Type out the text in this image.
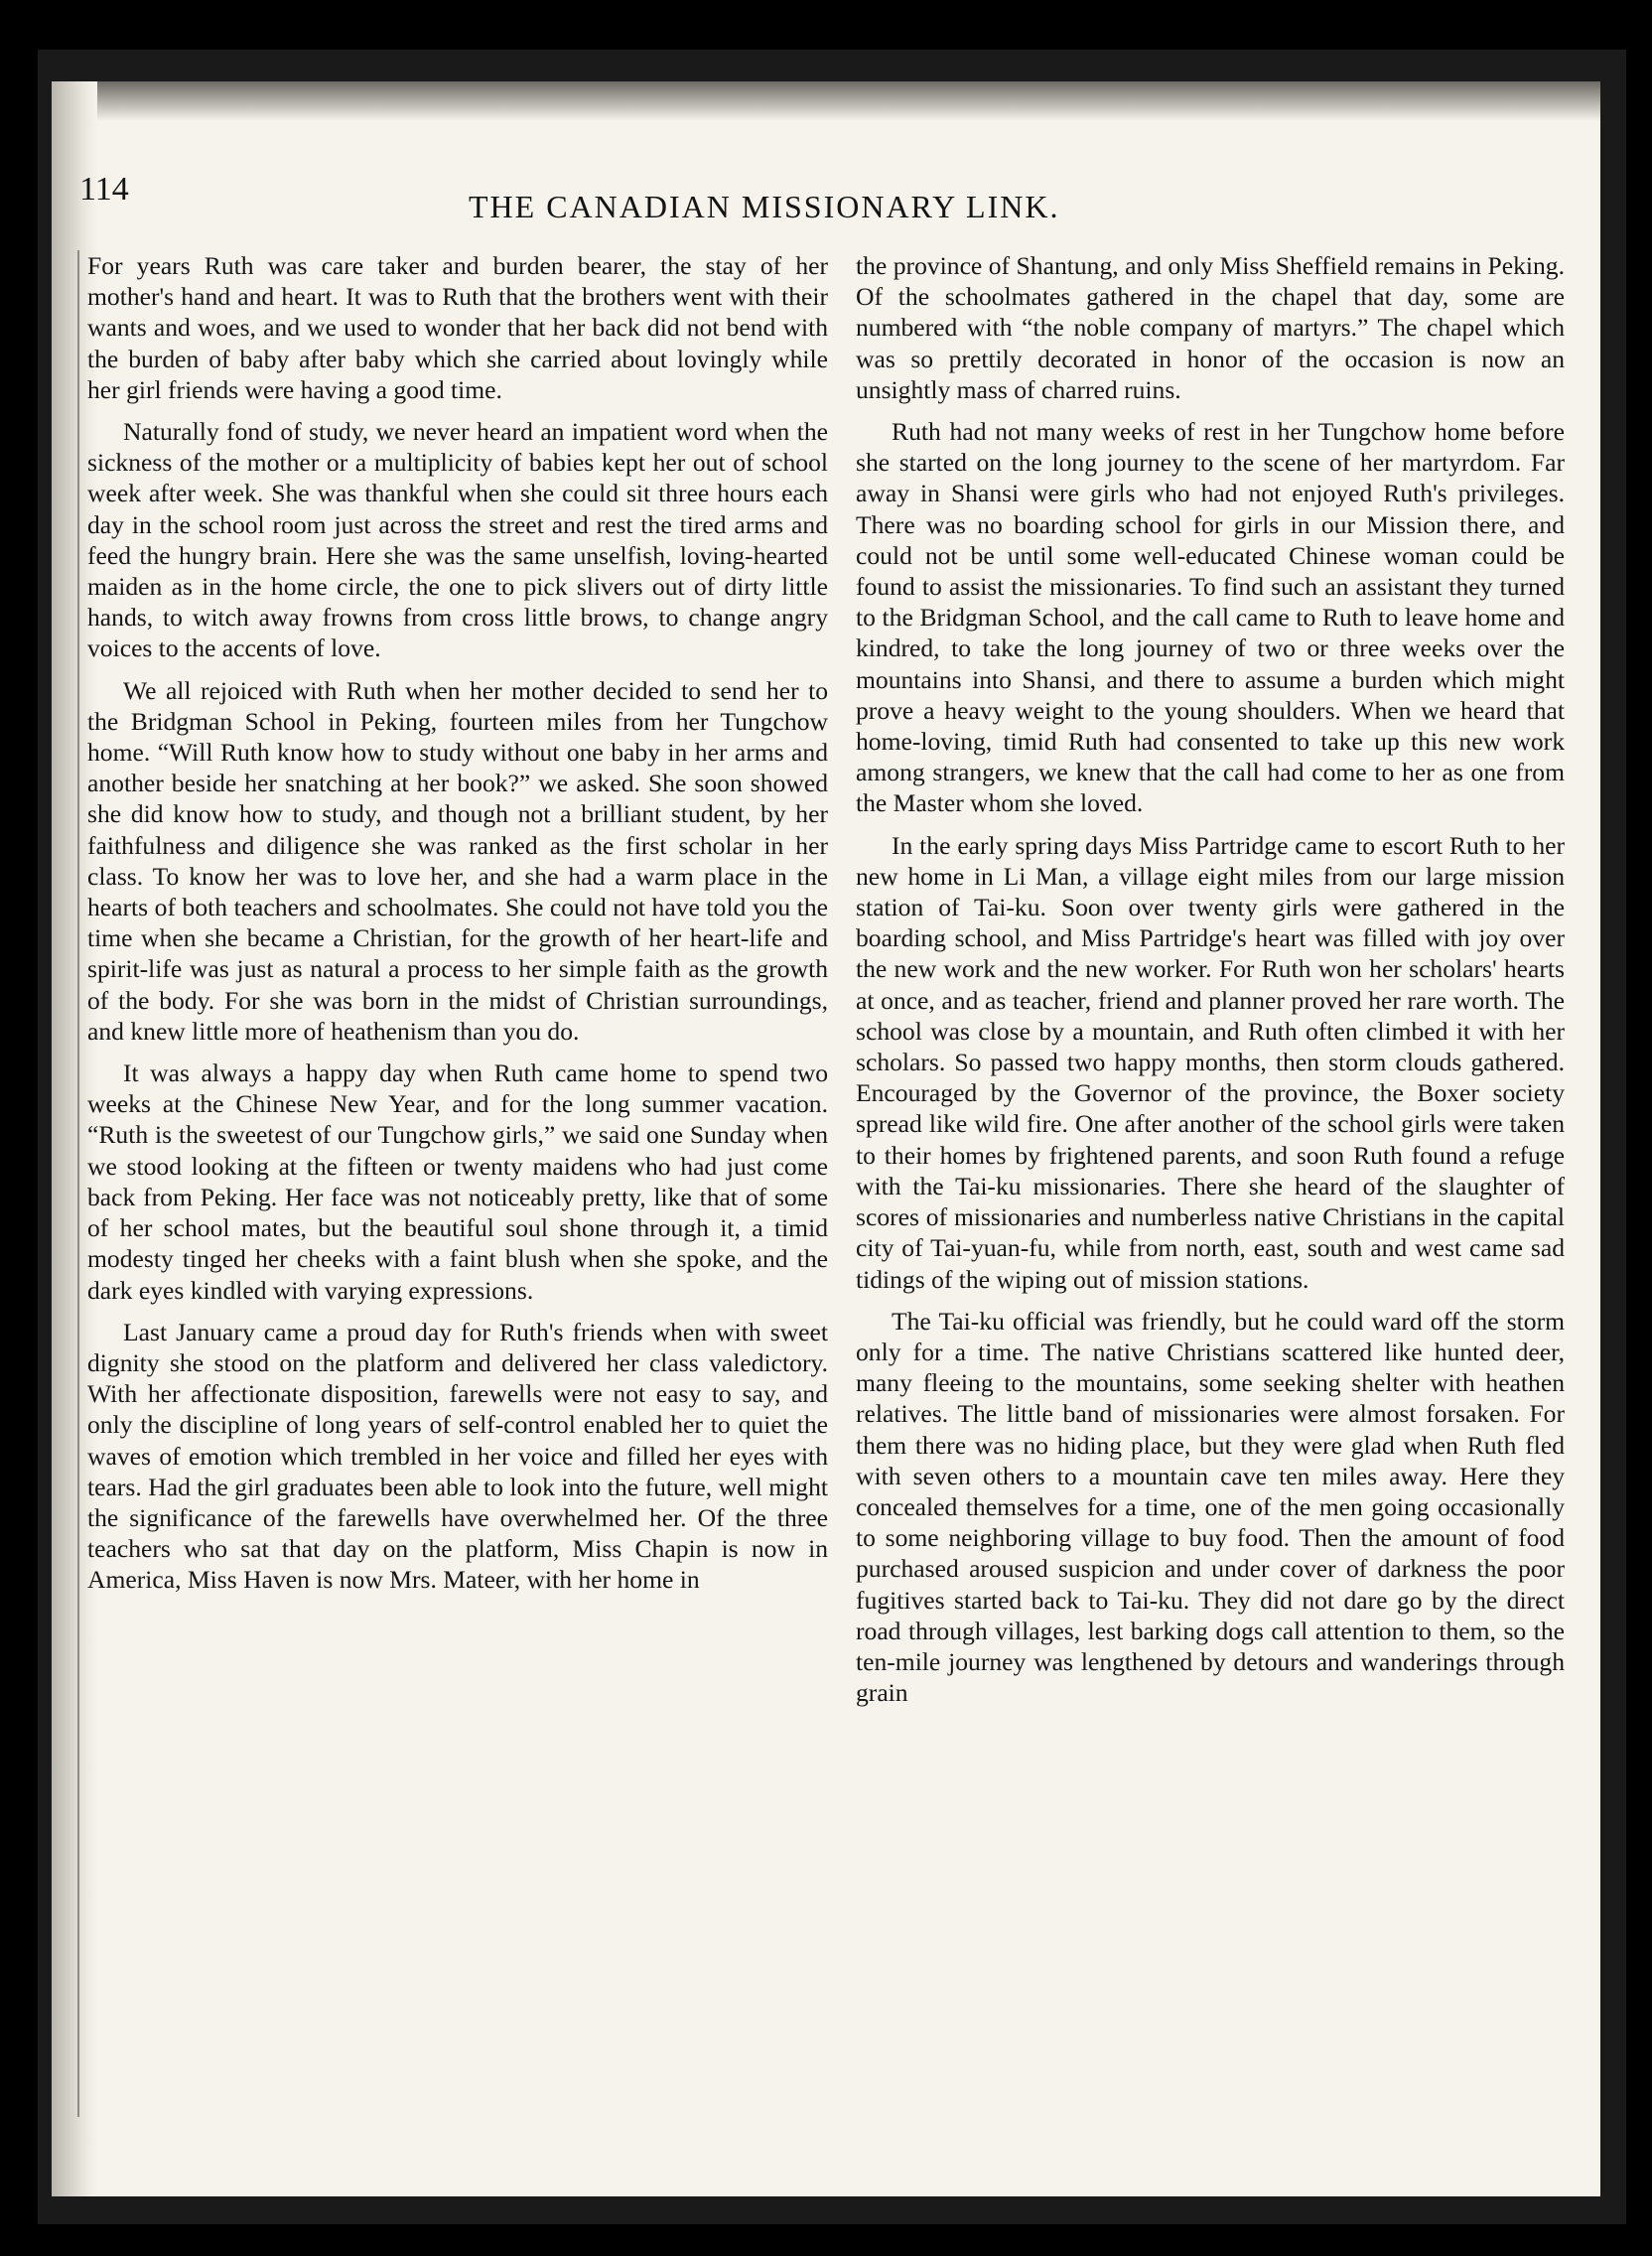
114	THE CANADIAN MISSIONARY LINK.

For years Ruth was care taker and burden bearer, the stay of her mother's hand and heart. It was to Ruth that the brothers went with their wants and woes, and we used to wonder that her back did not bend with the burden of baby after baby which she carried about lovingly while her girl friends were having a good time.

Naturally fond of study, we never heard an impatient word when the sickness of the mother or a multiplicity of babies kept her out of school week after week. She was thankful when she could sit three hours each day in the school room just across the street and rest the tired arms and feed the hungry brain. Here she was the same unselfish, loving-hearted maiden as in the home circle, the one to pick slivers out of dirty little hands, to witch away frowns from cross little brows, to change angry voices to the accents of love.

We all rejoiced with Ruth when her mother decided to send her to the Bridgman School in Peking, fourteen miles from her Tungchow home. “Will Ruth know how to study without one baby in her arms and another beside her snatching at her book?” we asked. She soon showed she did know how to study, and though not a brilliant student, by her faithfulness and diligence she was ranked as the first scholar in her class. To know her was to love her, and she had a warm place in the hearts of both teachers and schoolmates. She could not have told you the time when she became a Christian, for the growth of her heart-life and spirit-life was just as natural a process to her simple faith as the growth of the body. For she was born in the midst of Christian surroundings, and knew little more of heathenism than you do.

It was always a happy day when Ruth came home to spend two weeks at the Chinese New Year, and for the long summer vacation. “Ruth is the sweetest of our Tungchow girls,” we said one Sunday when we stood looking at the fifteen or twenty maidens who had just come back from Peking. Her face was not noticeably pretty, like that of some of her school mates, but the beautiful soul shone through it, a timid modesty tinged her cheeks with a faint blush when she spoke, and the dark eyes kindled with varying expressions.

Last January came a proud day for Ruth's friends when with sweet dignity she stood on the platform and delivered her class valedictory. With her affectionate disposition, farewells were not easy to say, and only the discipline of long years of self-control enabled her to quiet the waves of emotion which trembled in her voice and filled her eyes with tears. Had the girl graduates been able to look into the future, well might the significance of the farewells have overwhelmed her. Of the three teachers who sat that day on the platform, Miss Chapin is now in America, Miss Haven is now Mrs. Mateer, with her home in

the province of Shantung, and only Miss Sheffield remains in Peking. Of the schoolmates gathered in the chapel that day, some are numbered with “the noble company of martyrs.” The chapel which was so prettily decorated in honor of the occasion is now an unsightly mass of charred ruins.

Ruth had not many weeks of rest in her Tungchow home before she started on the long journey to the scene of her martyrdom. Far away in Shansi were girls who had not enjoyed Ruth's privileges. There was no boarding school for girls in our Mission there, and could not be until some well-educated Chinese woman could be found to assist the missionaries. To find such an assistant they turned to the Bridgman School, and the call came to Ruth to leave home and kindred, to take the long journey of two or three weeks over the mountains into Shansi, and there to assume a burden which might prove a heavy weight to the young shoulders. When we heard that home-loving, timid Ruth had consented to take up this new work among strangers, we knew that the call had come to her as one from the Master whom she loved.

In the early spring days Miss Partridge came to escort Ruth to her new home in Li Man, a village eight miles from our large mission station of Tai-ku. Soon over twenty girls were gathered in the boarding school, and Miss Partridge's heart was filled with joy over the new work and the new worker. For Ruth won her scholars' hearts at once, and as teacher, friend and planner proved her rare worth. The school was close by a mountain, and Ruth often climbed it with her scholars. So passed two happy months, then storm clouds gathered. Encouraged by the Governor of the province, the Boxer society spread like wild fire. One after another of the school girls were taken to their homes by frightened parents, and soon Ruth found a refuge with the Tai-ku missionaries. There she heard of the slaughter of scores of missionaries and numberless native Christians in the capital city of Tai-yuan-fu, while from north, east, south and west came sad tidings of the wiping out of mission stations.

The Tai-ku official was friendly, but he could ward off the storm only for a time. The native Christians scattered like hunted deer, many fleeing to the mountains, some seeking shelter with heathen relatives. The little band of missionaries were almost forsaken. For them there was no hiding place, but they were glad when Ruth fled with seven others to a mountain cave ten miles away. Here they concealed themselves for a time, one of the men going occasionally to some neighboring village to buy food. Then the amount of food purchased aroused suspicion and under cover of darkness the poor fugitives started back to Tai-ku. They did not dare go by the direct road through villages, lest barking dogs call attention to them, so the ten-mile journey was lengthened by detours and wanderings through grain
